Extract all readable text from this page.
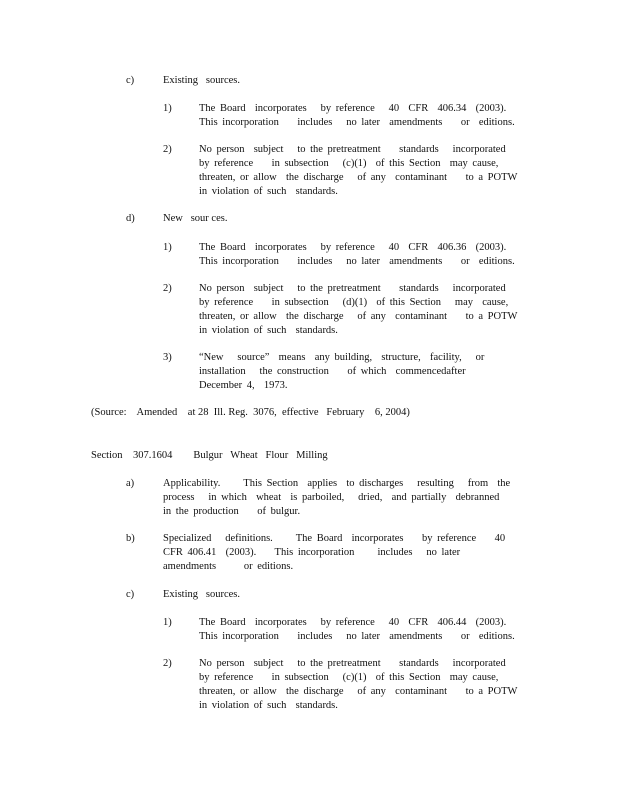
c)	Existing   sources.
1)	The Board  incorporates   by reference   40  CFR  406.34  (2003).   This incorporation    includes   no later  amendments    or  editions.
2)	No person  subject   to the pretreatment    standards   incorporated    by reference    in subsection   (c)(1)  of this Section  may cause,  threaten, or allow  the discharge   of any  contaminant    to a POTW   in violation of such  standards.
d)	New   sour ces.
1)	The Board  incorporates   by reference   40  CFR  406.36  (2003).   This incorporation    includes   no later  amendments    or  editions.
2)	No person  subject   to the pretreatment    standards   incorporated    by reference    in subsection   (d)(1)  of this Section   may  cause,  threaten, or allow  the discharge   of any  contaminant    to a POTW   in violation of such  standards.
3)	“New   source”  means  any building,  structure,  facility,   or installation   the construction    of which  commencedafter      December 4,  1973.
(Source:    Amended    at 28  Ill. Reg.  3076,  effective   February    6, 2004)
Section    307.1604        Bulgur   Wheat   Flour   Milling
a)	Applicability.     This Section  applies  to discharges   resulting   from  the process   in which  wheat  is parboiled,   dried,  and partially  debranned    in the production    of bulgur.
b)	Specialized   definitions.     The Board  incorporates    by reference    40  CFR 406.41  (2003).    This incorporation     includes   no later  amendments      or editions.
c)	Existing   sources.
1)	The Board  incorporates   by reference   40  CFR  406.44  (2003).   This incorporation    includes   no later  amendments    or  editions.
2)	No person  subject   to the pretreatment    standards   incorporated    by reference    in subsection   (c)(1)  of this Section  may cause,  threaten, or allow  the discharge   of any  contaminant    to a POTW   in violation of such  standards.
